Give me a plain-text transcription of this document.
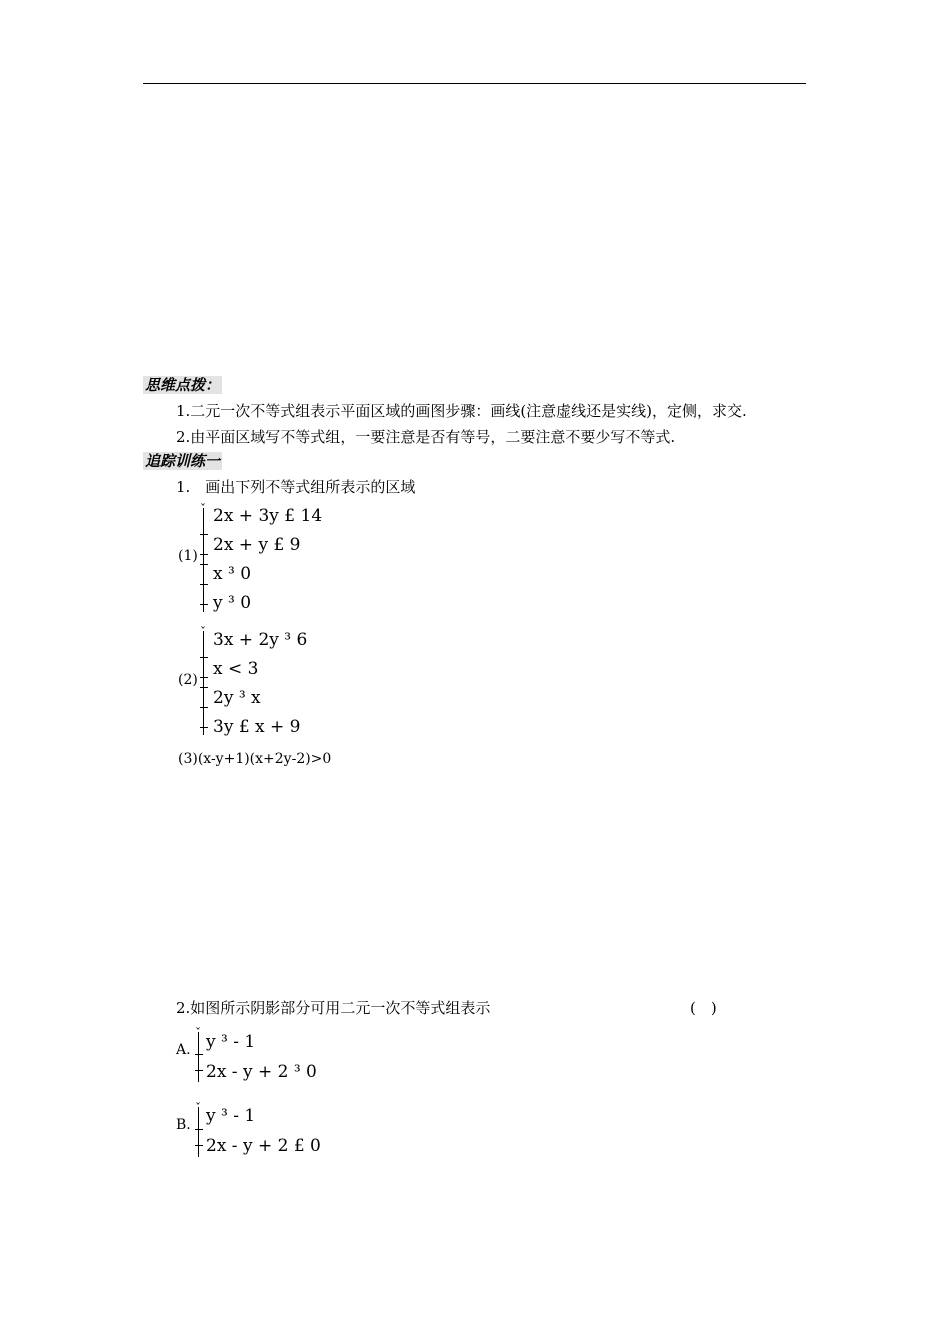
思维点拨：
1.二元一次不等式组表示平面区域的画图步骤：画线(注意虚线还是实线)，定侧，求交.
2.由平面区域写不等式组，一要注意是否有等号，二要注意不要少写不等式.
追踪训练一
1.　画出下列不等式组所表示的区域
(1)
ˇ 2x + 3y £ 14
2x + y £ 9
x ³ 0
y ³ 0
(2)
ˇ 3x + 2y ³ 6
x < 3
2y ³ x
3y £ x + 9
(3)(x-y+1)(x+2y-2)>0
2.如图所示阴影部分可用二元一次不等式组表示	(　)
A.
ˇ y ³ - 1
2x - y + 2 ³ 0
B.
ˇ y ³ - 1
2x - y + 2 £ 0
